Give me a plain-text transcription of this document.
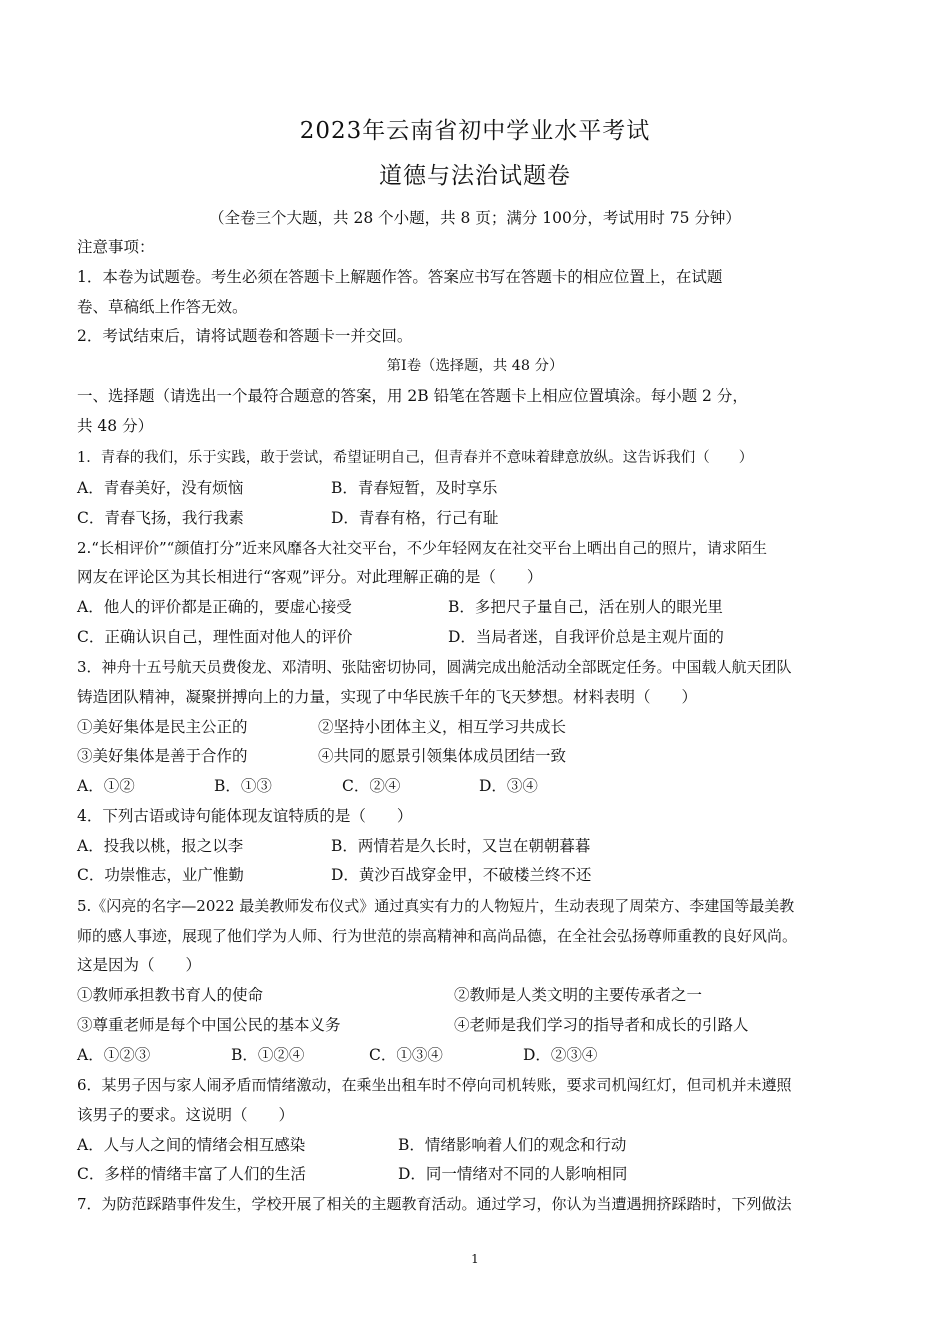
2023年云南省初中学业水平考试
道德与法治试题卷
（全卷三个大题，共 28 个小题，共 8 页；满分 100分，考试用时 75 分钟）
注意事项：
1．本卷为试题卷。考生必须在答题卡上解题作答。答案应书写在答题卡的相应位置上，在试题
卷、草稿纸上作答无效。
2．考试结束后，请将试题卷和答题卡一并交回。
第Ⅰ卷（选择题，共 48 分）
一、选择题（请选出一个最符合题意的答案，用 2B 铅笔在答题卡上相应位置填涂。每小题 2 分，
共 48 分）
1．青春的我们，乐于实践，敢于尝试，希望证明自己，但青春并不意味着肆意放纵。这告诉我们（　　）
A．青春美好，没有烦恼	B．青春短暂，及时享乐
C．青春飞扬，我行我素	D．青春有格，行己有耻
2.“长相评价”“颜值打分”近来风靡各大社交平台，不少年轻网友在社交平台上晒出自己的照片，请求陌生
网友在评论区为其长相进行“客观”评分。对此理解正确的是（　　）
A．他人的评价都是正确的，要虚心接受	B．多把尺子量自己，活在别人的眼光里
C．正确认识自己，理性面对他人的评价	D．当局者迷，自我评价总是主观片面的
3．神舟十五号航天员费俊龙、邓清明、张陆密切协同，圆满完成出舱活动全部既定任务。中国载人航天团队
铸造团队精神，凝聚拼搏向上的力量，实现了中华民族千年的飞天梦想。材料表明（　　）
①美好集体是民主公正的	②坚持小团体主义，相互学习共成长
③美好集体是善于合作的	④共同的愿景引领集体成员团结一致
A．①②	B．①③	C．②④	D．③④
4．下列古语或诗句能体现友谊特质的是（　　）
A．投我以桃，报之以李	B．两情若是久长时，又岂在朝朝暮暮
C．功崇惟志，业广惟勤	D．黄沙百战穿金甲，不破楼兰终不还
5.《闪亮的名字—2022 最美教师发布仪式》通过真实有力的人物短片，生动表现了周荣方、李建国等最美教
师的感人事迹，展现了他们学为人师、行为世范的崇高精神和高尚品德，在全社会弘扬尊师重教的良好风尚。
这是因为（　　）
①教师承担教书育人的使命	②教师是人类文明的主要传承者之一
③尊重老师是每个中国公民的基本义务	④老师是我们学习的指导者和成长的引路人
A．①②③	B．①②④	C．①③④	D．②③④
6．某男子因与家人闹矛盾而情绪激动，在乘坐出租车时不停向司机转账，要求司机闯红灯，但司机并未遵照
该男子的要求。这说明（　　）
A．人与人之间的情绪会相互感染	B．情绪影响着人们的观念和行动
C．多样的情绪丰富了人们的生活	D．同一情绪对不同的人影响相同
7．为防范踩踏事件发生，学校开展了相关的主题教育活动。通过学习，你认为当遭遇拥挤踩踏时，下列做法
1
